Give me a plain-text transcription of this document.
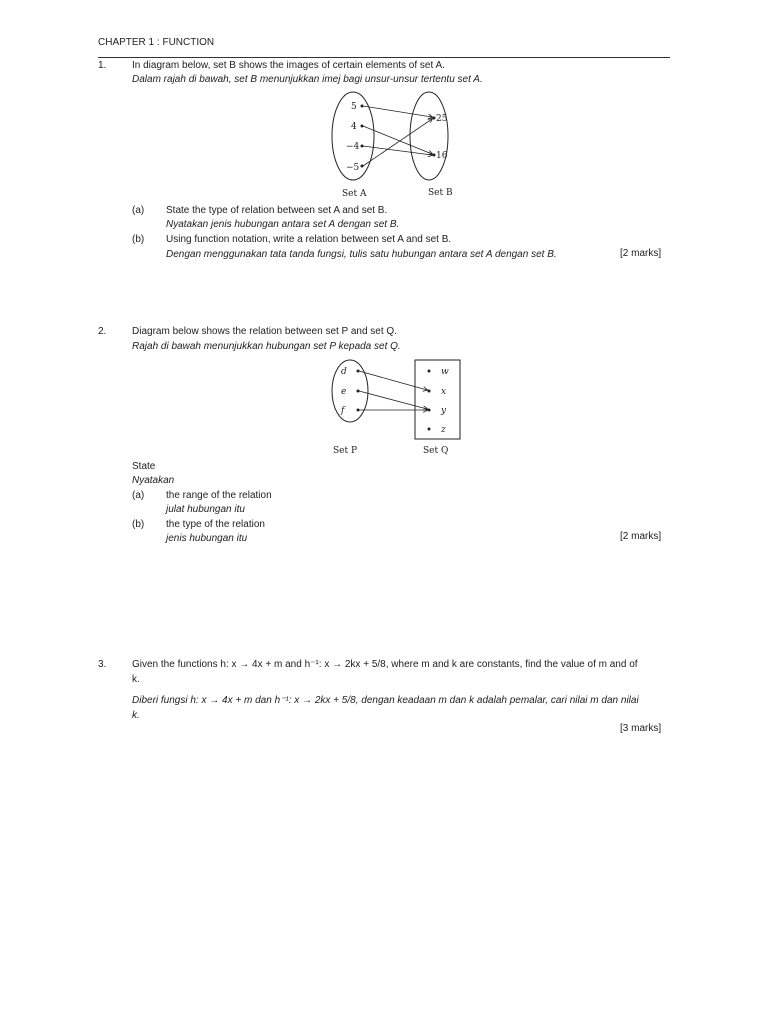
CHAPTER 1 : FUNCTION
1.	In diagram below, set B shows the images of certain elements of set A.
Dalam rajah di bawah, set B menunjukkan imej bagi unsur-unsur tertentu set A.
5
4
−4
−5
25
16
Set A	Set B
(a) State the type of relation between set A and set B.
Nyatakan jenis hubungan antara set A dengan set B.
(b) Using function notation, write a relation between set A and set B.
Dengan menggunakan tata tanda fungsi, tulis satu hubungan antara set A dengan set B.	[2 marks]
2.	Diagram below shows the relation between set P and set Q.
Rajah di bawah menunjukkan hubungan set P kepada set Q.
d
e
f
w
x
y
z
Set P	Set Q
State
Nyatakan
(a) the range of the relation
julat hubungan itu
(b) the type of the relation
jenis hubungan itu	[2 marks]
3.	Given the functions h: x → 4x + m and h⁻¹: x → 2kx + 5/8, where m and k are constants, find the value of m and of
k.
Diberi fungsi h: x → 4x + m dan h⁻¹: x → 2kx + 5/8, dengan keadaan m dan k adalah pemalar, cari nilai m dan nilai
k.
[3 marks]
